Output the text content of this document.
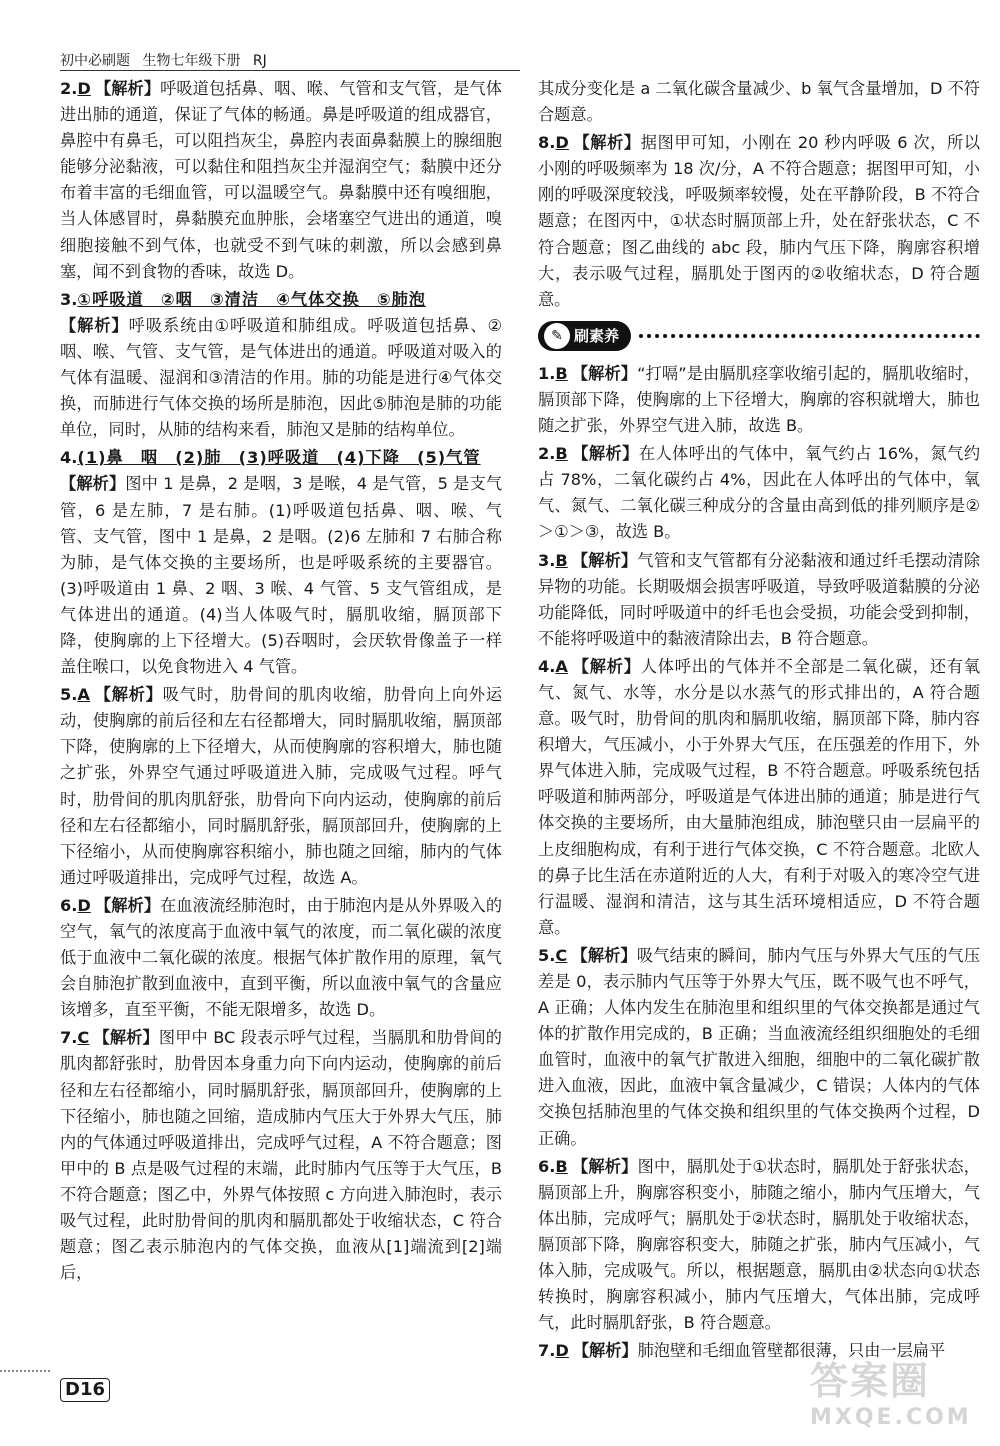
初中必刷题 生物七年级下册 RJ
2.D 【解析】呼吸道包括鼻、咽、喉、气管和支气管，是气体进出肺的通道，保证了气体的畅通。鼻是呼吸道的组成器官，鼻腔中有鼻毛，可以阻挡灰尘，鼻腔内表面鼻黏膜上的腺细胞能够分泌黏液，可以黏住和阻挡灰尘并湿润空气；黏膜中还分布着丰富的毛细血管，可以温暖空气。鼻黏膜中还有嗅细胞，当人体感冒时，鼻黏膜充血肿胀，会堵塞空气进出的通道，嗅细胞接触不到气体，也就受不到气味的刺激，所以会感到鼻塞，闻不到食物的香味，故选 D。
3.①呼吸道　②咽　③清洁　④气体交换　⑤肺泡
【解析】呼吸系统由①呼吸道和肺组成。呼吸道包括鼻、②咽、喉、气管、支气管，是气体进出的通道。呼吸道对吸入的气体有温暖、湿润和③清洁的作用。肺的功能是进行④气体交换，而肺进行气体交换的场所是肺泡，因此⑤肺泡是肺的功能单位，同时，从肺的结构来看，肺泡又是肺的结构单位。
4.(1)鼻　咽　(2)肺　(3)呼吸道　(4)下降　(5)气管
【解析】图中 1 是鼻，2 是咽，3 是喉，4 是气管，5 是支气管，6 是左肺，7 是右肺。(1)呼吸道包括鼻、咽、喉、气管、支气管，图中 1 是鼻，2 是咽。(2)6 左肺和 7 右肺合称为肺，是气体交换的主要场所，也是呼吸系统的主要器官。(3)呼吸道由 1 鼻、2 咽、3 喉、4 气管、5 支气管组成，是气体进出的通道。(4)当人体吸气时，膈肌收缩，膈顶部下降，使胸廓的上下径增大。(5)吞咽时，会厌软骨像盖子一样盖住喉口，以免食物进入 4 气管。
5.A 【解析】吸气时，肋骨间的肌肉收缩，肋骨向上向外运动，使胸廓的前后径和左右径都增大，同时膈肌收缩，膈顶部下降，使胸廓的上下径增大，从而使胸廓的容积增大，肺也随之扩张，外界空气通过呼吸道进入肺，完成吸气过程。呼气时，肋骨间的肌肉肌舒张，肋骨向下向内运动，使胸廓的前后径和左右径都缩小，同时膈肌舒张，膈顶部回升，使胸廓的上下径缩小，从而使胸廓容积缩小，肺也随之回缩，肺内的气体通过呼吸道排出，完成呼气过程，故选 A。
6.D 【解析】在血液流经肺泡时，由于肺泡内是从外界吸入的空气，氧气的浓度高于血液中氧气的浓度，而二氧化碳的浓度低于血液中二氧化碳的浓度。根据气体扩散作用的原理，氧气会自肺泡扩散到血液中，直到平衡，所以血液中氧气的含量应该增多，直至平衡，不能无限增多，故选 D。
7.C 【解析】图甲中 BC 段表示呼气过程，当膈肌和肋骨间的肌肉都舒张时，肋骨因本身重力向下向内运动，使胸廓的前后径和左右径都缩小，同时膈肌舒张，膈顶部回升，使胸廓的上下径缩小，肺也随之回缩，造成肺内气压大于外界大气压，肺内的气体通过呼吸道排出，完成呼气过程，A 不符合题意；图甲中的 B 点是吸气过程的末端，此时肺内气压等于大气压，B 不符合题意；图乙中，外界气体按照 c 方向进入肺泡时，表示吸气过程，此时肋骨间的肌肉和膈肌都处于收缩状态，C 符合题意；图乙表示肺泡内的气体交换，血液从[1]端流到[2]端后，
其成分变化是 a 二氧化碳含量减少、b 氧气含量增加，D 不符合题意。
8.D 【解析】据图甲可知，小刚在 20 秒内呼吸 6 次，所以小刚的呼吸频率为 18 次/分，A 不符合题意；据图甲可知，小刚的呼吸深度较浅，呼吸频率较慢，处在平静阶段，B 不符合题意；在图丙中，①状态时膈顶部上升，处在舒张状态，C 不符合题意；图乙曲线的 abc 段，肺内气压下降，胸廓容积增大，表示吸气过程，膈肌处于图丙的②收缩状态，D 符合题意。
✎ 刷素养
1.B 【解析】“打嗝”是由膈肌痉挛收缩引起的，膈肌收缩时，膈顶部下降，使胸廓的上下径增大，胸廓的容积就增大，肺也随之扩张，外界空气进入肺，故选 B。
2.B 【解析】在人体呼出的气体中，氧气约占 16%，氮气约占 78%，二氧化碳约占 4%，因此在人体呼出的气体中，氧气、氮气、二氧化碳三种成分的含量由高到低的排列顺序是②＞①＞③，故选 B。
3.B 【解析】气管和支气管都有分泌黏液和通过纤毛摆动清除异物的功能。长期吸烟会损害呼吸道，导致呼吸道黏膜的分泌功能降低，同时呼吸道中的纤毛也会受损，功能会受到抑制，不能将呼吸道中的黏液清除出去，B 符合题意。
4.A 【解析】人体呼出的气体并不全部是二氧化碳，还有氧气、氮气、水等，水分是以水蒸气的形式排出的，A 符合题意。吸气时，肋骨间的肌肉和膈肌收缩，膈顶部下降，肺内容积增大，气压减小，小于外界大气压，在压强差的作用下，外界气体进入肺，完成吸气过程，B 不符合题意。呼吸系统包括呼吸道和肺两部分，呼吸道是气体进出肺的通道；肺是进行气体交换的主要场所，由大量肺泡组成，肺泡壁只由一层扁平的上皮细胞构成，有利于进行气体交换，C 不符合题意。北欧人的鼻子比生活在赤道附近的人大，有利于对吸入的寒冷空气进行温暖、湿润和清洁，这与其生活环境相适应，D 不符合题意。
5.C 【解析】吸气结束的瞬间，肺内气压与外界大气压的气压差是 0，表示肺内气压等于外界大气压，既不吸气也不呼气，A 正确；人体内发生在肺泡里和组织里的气体交换都是通过气体的扩散作用完成的，B 正确；当血液流经组织细胞处的毛细血管时，血液中的氧气扩散进入细胞，细胞中的二氧化碳扩散进入血液，因此，血液中氧含量减少，C 错误；人体内的气体交换包括肺泡里的气体交换和组织里的气体交换两个过程，D 正确。
6.B 【解析】图中，膈肌处于①状态时，膈肌处于舒张状态，膈顶部上升，胸廓容积变小，肺随之缩小，肺内气压增大，气体出肺，完成呼气；膈肌处于②状态时，膈肌处于收缩状态，膈顶部下降，胸廓容积变大，肺随之扩张，肺内气压减小，气体入肺，完成吸气。所以，根据题意，膈肌由②状态向①状态转换时，胸廓容积减小，肺内气压增大，气体出肺，完成呼气，此时膈肌舒张，B 符合题意。
7.D 【解析】肺泡壁和毛细血管壁都很薄，只由一层扁平
D16	答案圈
MXQE.COM
